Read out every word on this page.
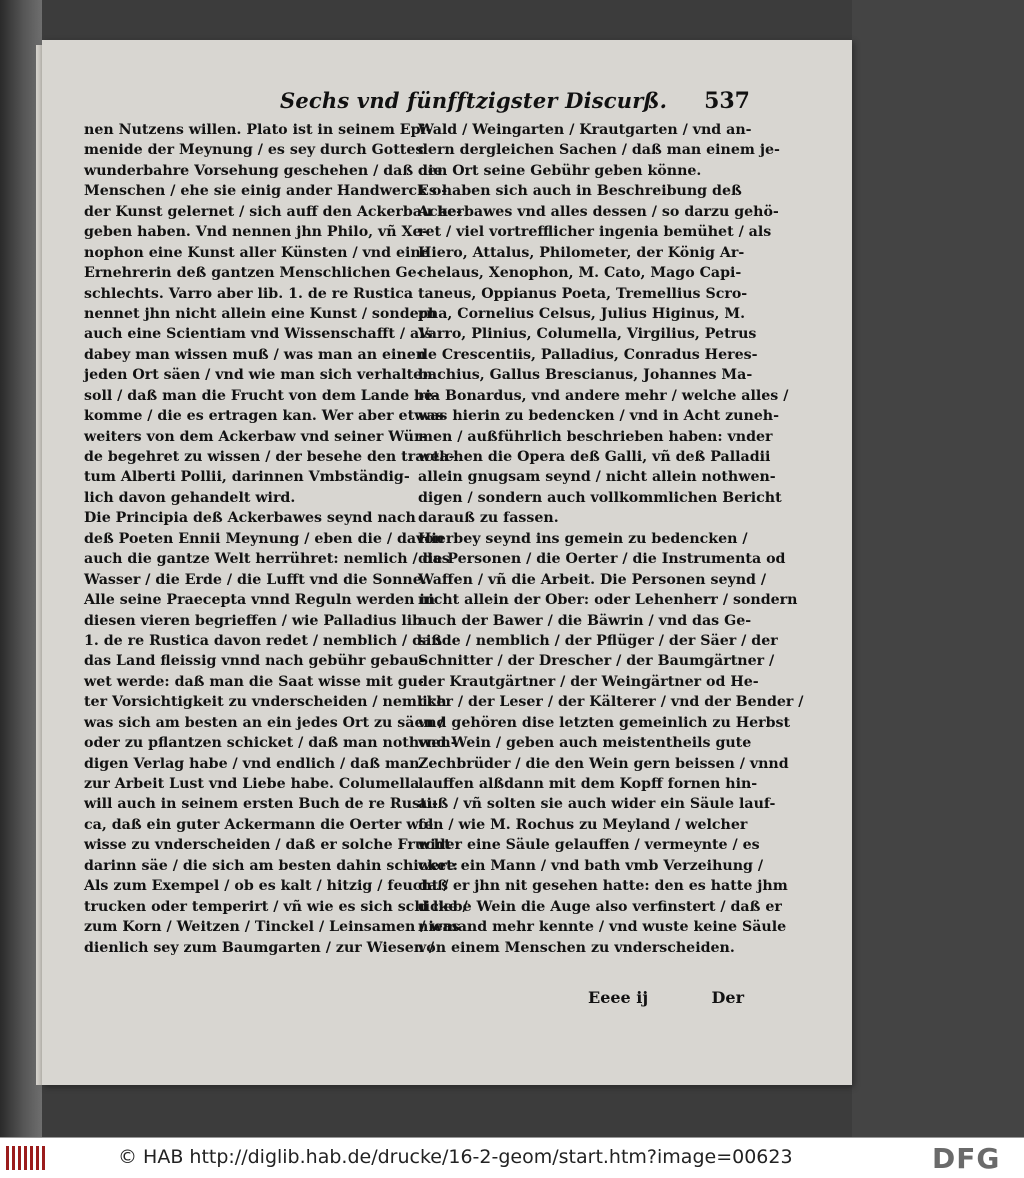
Sechs vnd fünfftzigster Discurß. 537
nen Nutzens willen. Plato ist in seinem Epi-
menide der Meynung / es sey durch Gottes
wunderbahre Vorsehung geschehen / daß die
Menschen / ehe sie einig ander Handwerck o-
der Kunst gelernet / sich auff den Ackerbau be-
geben haben. Vnd nennen jhn Philo, vñ Xe-
nophon eine Kunst aller Künsten / vnd eine
Ernehrerin deß gantzen Menschlichen Ge-
schlechts. Varro aber lib. 1. de re Rustica
nennet jhn nicht allein eine Kunst / sondern
auch eine Scientiam vnd Wissenschafft / als
dabey man wissen muß / was man an einen
jeden Ort säen / vnd wie man sich verhalten
soll / daß man die Frucht von dem Lande be-
komme / die es ertragen kan. Wer aber etwas
weiters von dem Ackerbaw vnd seiner Wür-
de begehret zu wissen / der besehe den tracta-
tum Alberti Pollii, darinnen Vmbständig-
lich davon gehandelt wird.
Die Principia deß Ackerbawes seynd nach
deß Poeten Ennii Meynung / eben die / davon
auch die gantze Welt herrühret: nemlich / das
Wasser / die Erde / die Lufft vnd die Sonne.
Alle seine Praecepta vnnd Reguln werden in
diesen vieren begrieffen / wie Palladius lib.
1. de re Rustica davon redet / nemblich / daß
das Land fleissig vnnd nach gebühr gebau-
wet werde: daß man die Saat wisse mit gu-
ter Vorsichtigkeit zu vnderscheiden / nemlich
was sich am besten an ein jedes Ort zu säen /
oder zu pflantzen schicket / daß man nothwen-
digen Verlag habe / vnd endlich / daß man
zur Arbeit Lust vnd Liebe habe. Columella
will auch in seinem ersten Buch de re Rusti-
ca, daß ein guter Ackermann die Oerter wol
wisse zu vnderscheiden / daß er solche Frucht
darinn säe / die sich am besten dahin schicket:
Als zum Exempel / ob es kalt / hitzig / feucht /
trucken oder temperirt / vñ wie es sich schicke /
zum Korn / Weitzen / Tinckel / Leinsamen / was
dienlich sey zum Baumgarten / zur Wiesen /
Wald / Weingarten / Krautgarten / vnd an-
dern dergleichen Sachen / daß man einem je-
den Ort seine Gebühr geben könne.
Es haben sich auch in Beschreibung deß
Ackerbawes vnd alles dessen / so darzu gehö-
ret / viel vortrefflicher ingenia bemühet / als
Hiero, Attalus, Philometer, der König Ar-
chelaus, Xenophon, M. Cato, Mago Capi-
taneus, Oppianus Poeta, Tremellius Scro-
pha, Cornelius Celsus, Julius Higinus, M.
Varro, Plinius, Columella, Virgilius, Petrus
de Crescentiis, Palladius, Conradus Heres-
bachius, Gallus Brescianus, Johannes Ma-
ria Bonardus, vnd andere mehr / welche alles /
was hierin zu bedencken / vnd in Acht zuneh-
men / außführlich beschrieben haben: vnder
welchen die Opera deß Galli, vñ deß Palladii
allein gnugsam seynd / nicht allein nothwen-
digen / sondern auch vollkommlichen Bericht
darauß zu fassen.
Hierbey seynd ins gemein zu bedencken /
die Personen / die Oerter / die Instrumenta od
Waffen / vñ die Arbeit. Die Personen seynd /
nicht allein der Ober: oder Lehenherr / sondern
auch der Bawer / die Bäwrin / vnd das Ge-
sinde / nemblich / der Pflüger / der Säer / der
Schnitter / der Drescher / der Baumgärtner /
der Krautgärtner / der Weingärtner od He-
cker / der Leser / der Kälterer / vnd der Bender /
vnd gehören dise letzten gemeinlich zu Herbst
vnd Wein / geben auch meistentheils gute
Zechbrüder / die den Wein gern beissen / vnnd
lauffen alßdann mit dem Kopff fornen hin-
auß / vñ solten sie auch wider ein Säule lauf-
fen / wie M. Rochus zu Meyland / welcher
wider eine Säule gelauffen / vermeynte / es
were ein Mann / vnd bath vmb Verzeihung /
daß er jhn nit gesehen hatte: den es hatte jhm
d liebe Wein die Auge also verfinstert / daß er
niemand mehr kennte / vnd wuste keine Säule
von einem Menschen zu vnderscheiden.
Eeee ij	Der
© HAB http://diglib.hab.de/drucke/16-2-geom/start.htm?image=00623	DFG
